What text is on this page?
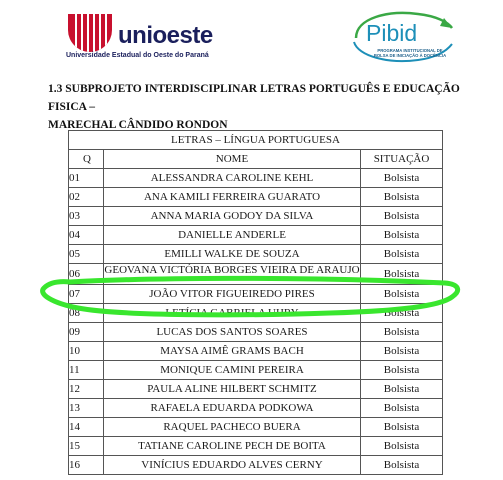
unioeste
Universidade Estadual do Oeste do Paraná
Pibid
PROGRAMA INSTITUCIONAL DE
BOLSA DE INICIAÇÃO À DOCÊNCIA
1.3 SUBPROJETO INTERDISCIPLINAR LETRAS PORTUGUÊS E EDUCAÇÃO FISICA –
MARECHAL CÂNDIDO RONDON
LETRAS – LÍNGUA PORTUGUESA		
Q	NOME	SITUAÇÃO
01	ALESSANDRA CAROLINE KEHL	Bolsista
02	ANA KAMILI FERREIRA GUARATO	Bolsista
03	ANNA MARIA GODOY DA SILVA	Bolsista
04	DANIELLE ANDERLE	Bolsista
05	EMILLI WALKE DE SOUZA	Bolsista
06	GEOVANA VICTÓRIA BORGES VIEIRA DE ARAUJO	Bolsista
07	JOÃO VITOR FIGUEIREDO PIRES	Bolsista
08	LETÍCIA GABRIELA UHRY	Bolsista
09	LUCAS DOS SANTOS SOARES	Bolsista
10	MAYSA AIMÊ GRAMS BACH	Bolsista
11	MONIQUE CAMINI PEREIRA	Bolsista
12	PAULA ALINE HILBERT SCHMITZ	Bolsista
13	RAFAELA EDUARDA PODKOWA	Bolsista
14	RAQUEL PACHECO BUERA	Bolsista
15	TATIANE CAROLINE PECH DE BOITA	Bolsista
16	VINÍCIUS EDUARDO ALVES CERNY	Bolsista
